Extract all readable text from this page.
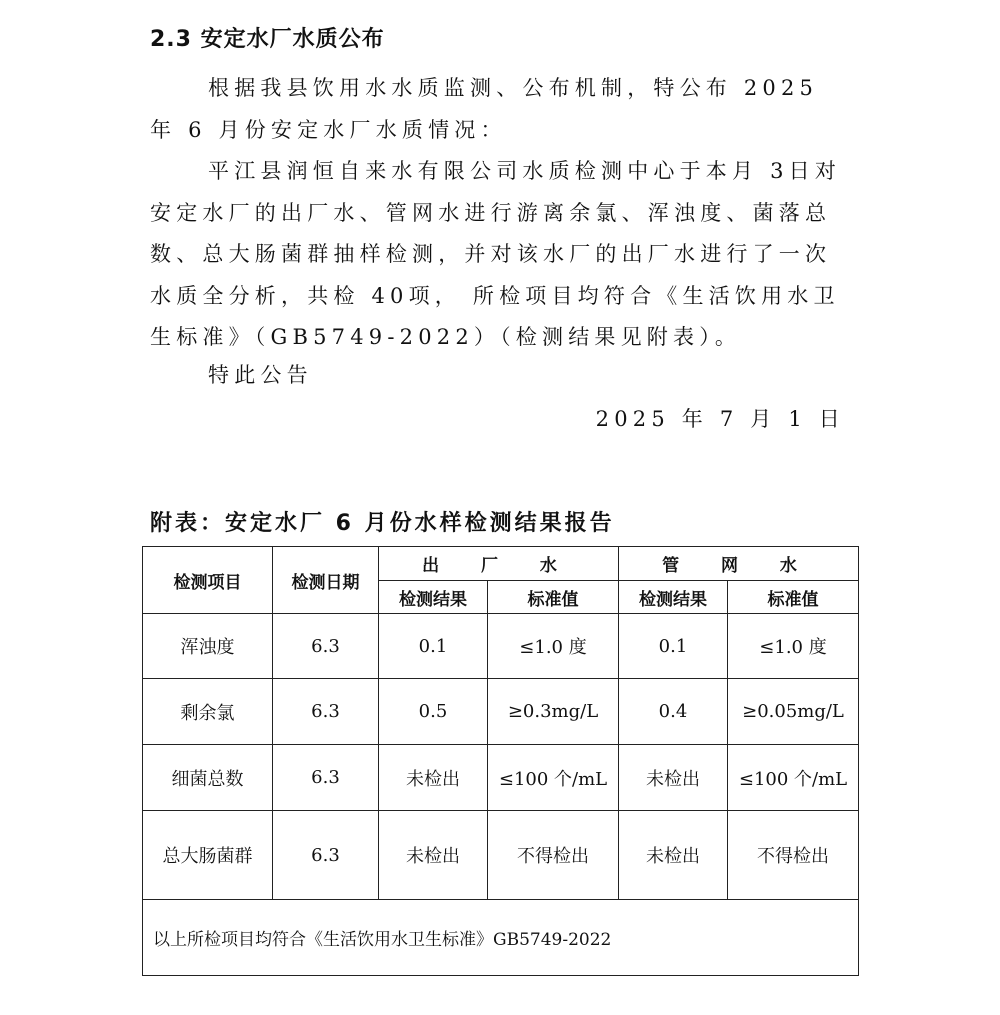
2.3 安定水厂水质公布
根据我县饮用水水质监测、公布机制，特公布 2025 年 6 月份安定水厂水质情况：
平江县润恒自来水有限公司水质检测中心于本月 3日对安定水厂的出厂水、管网水进行游离余氯、浑浊度、菌落总数、总大肠菌群抽样检测，并对该水厂的出厂水进行了一次水质全分析，共检 40项， 所检项目均符合《生活饮用水卫生标准》（GB5749-2022）（检测结果见附表）。
特此公告
2025 年 7 月 1 日
附表：安定水厂 6 月份水样检测结果报告
检测项目	检测日期	出 厂 水		管 网 水	
		检测结果	标准值	检测结果	标准值
浑浊度	6.3	0.1	≤1.0 度	0.1	≤1.0 度
剩余氯	6.3	0.5	≥0.3mg/L	0.4	≥0.05mg/L
细菌总数	6.3	未检出	≤100 个/mL	未检出	≤100 个/mL
总大肠菌群	6.3	未检出	不得检出	未检出	不得检出
以上所检项目均符合《生活饮用水卫生标准》GB5749-2022					
